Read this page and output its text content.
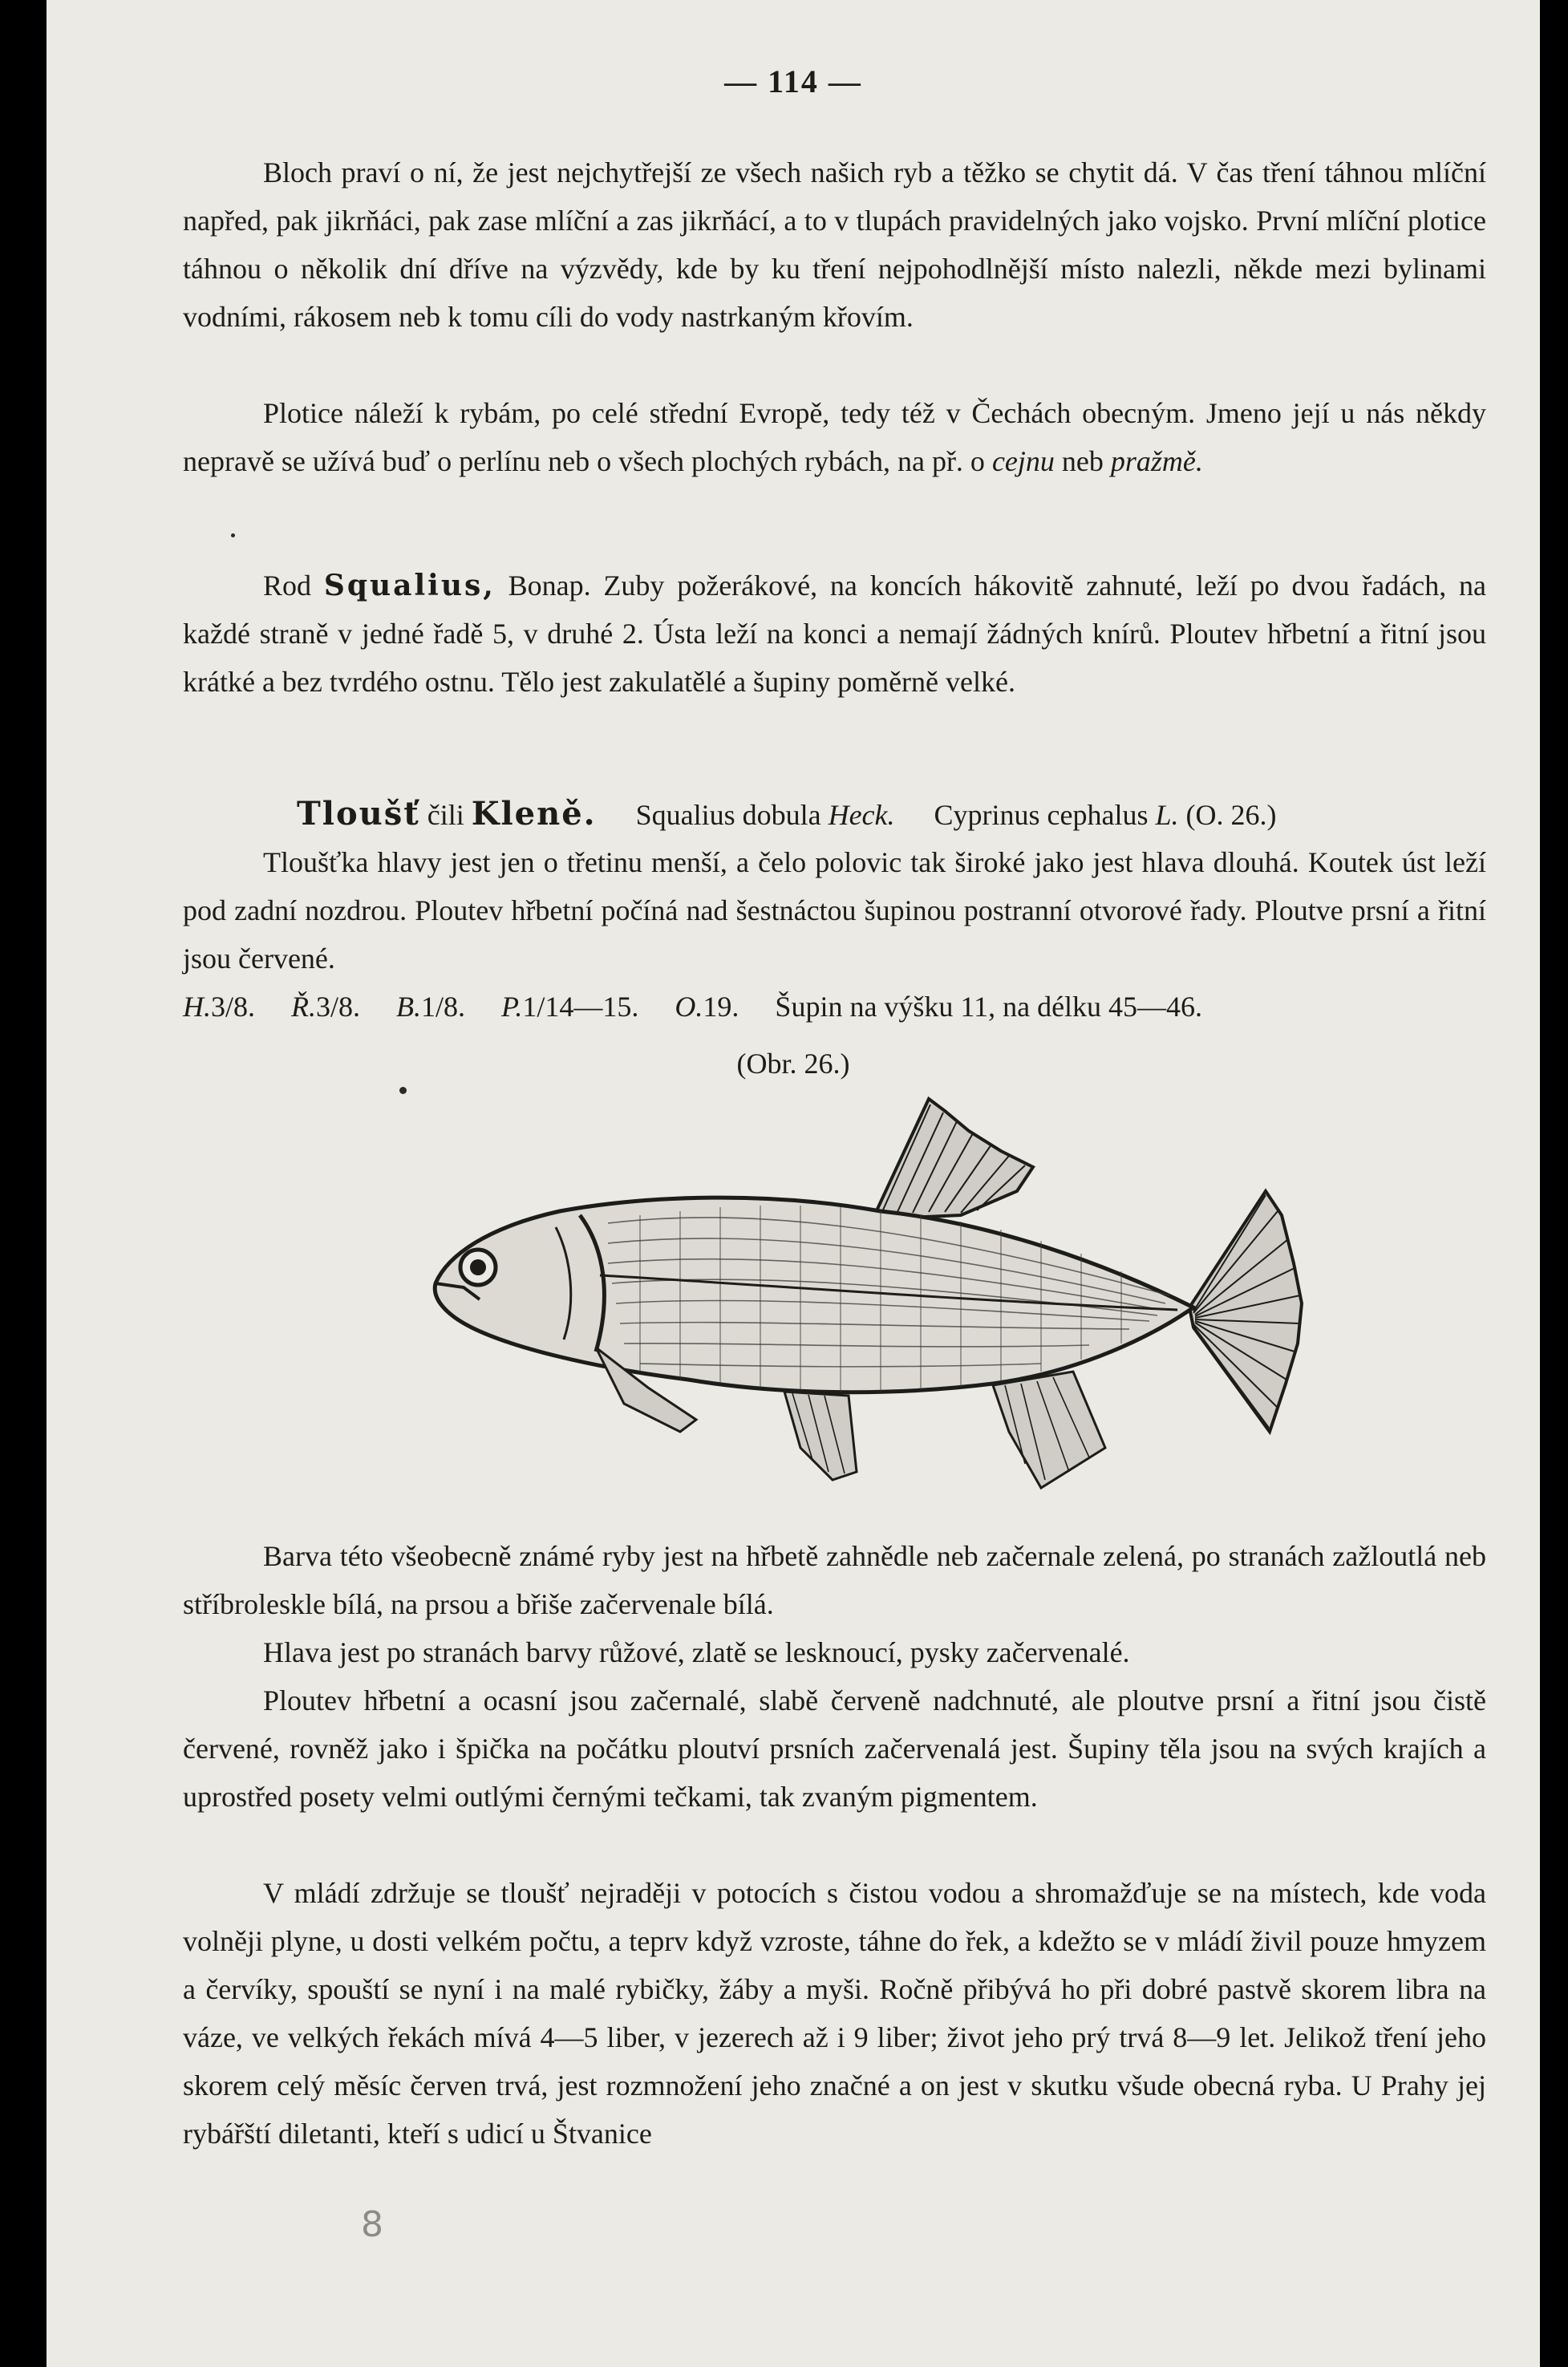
— 114 —

Bloch praví o ní, že jest nejchytřejší ze všech našich ryb a těžko se chytit dá. V čas tření táhnou mlíční napřed, pak jikrňáci, pak zase mlíční a zas jikrňácí, a to v tlupách pravidelných jako vojsko. První mlíční plotice táhnou o několik dní dříve na výzvědy, kde by ku tření nejpohodlnější místo nalezli, někde mezi bylinami vodními, rákosem neb k tomu cíli do vody nastrkaným křovím.

Plotice náleží k rybám, po celé střední Evropě, tedy též v Čechách obecným. Jmeno její u nás někdy nepravě se užívá buď o perlínu neb o všech plochých rybách, na př. o cejnu neb pražmě.

Rod Squalius, Bonap. Zuby požerákové, na koncích hákovitě zahnuté, leží po dvou řadách, na každé straně v jedné řadě 5, v druhé 2. Ústa leží na konci a nemají žádných knírů. Ploutev hřbetní a řitní jsou krátké a bez tvrdého ostnu. Tělo jest zakulatělé a šupiny poměrně velké.

Tloušť čili Kleně. Squalius dobula Heck. Cyprinus cephalus L. (O. 26.)

Tloušťka hlavy jest jen o třetinu menší, a čelo polovic tak široké jako jest hlava dlouhá. Koutek úst leží pod zadní nozdrou. Ploutev hřbetní počíná nad šestnáctou šupinou postranní otvorové řady. Ploutve prsní a řitní jsou červené.

H.3/8. Ř.3/8. B.1/8. P.1/14—15. O.19. Šupin na výšku 11, na délku 45—46.
(Obr. 26.)

Barva této všeobecně známé ryby jest na hřbetě zahnědle neb začernale zelená, po stranách zažloutlá neb stříbroleskle bílá, na prsou a břiše začervenale bílá.

Hlava jest po stranách barvy růžové, zlatě se lesknoucí, pysky začervenalé.

Ploutev hřbetní a ocasní jsou začernalé, slabě červeně nadchnuté, ale ploutve prsní a řitní jsou čistě červené, rovněž jako i špička na počátku ploutví prsních začervenalá jest. Šupiny těla jsou na svých krajích a uprostřed posety velmi outlými černými tečkami, tak zvaným pigmentem.

V mládí zdržuje se tloušť nejraději v potocích s čistou vodou a shromažďuje se na místech, kde voda volněji plyne, u dosti velkém počtu, a teprv když vzroste, táhne do řek, a kdežto se v mládí živil pouze hmyzem a červíky, spouští se nyní i na malé rybičky, žáby a myši. Ročně přibývá ho při dobré pastvě skorem libra na váze, ve velkých řekách mívá 4—5 liber, v jezerech až i 9 liber; život jeho prý trvá 8—9 let. Jelikož tření jeho skorem celý měsíc červen trvá, jest rozmnožení jeho značné a on jest v skutku všude obecná ryba. U Prahy jej rybářští diletanti, kteří s udicí u Štvanice

8
